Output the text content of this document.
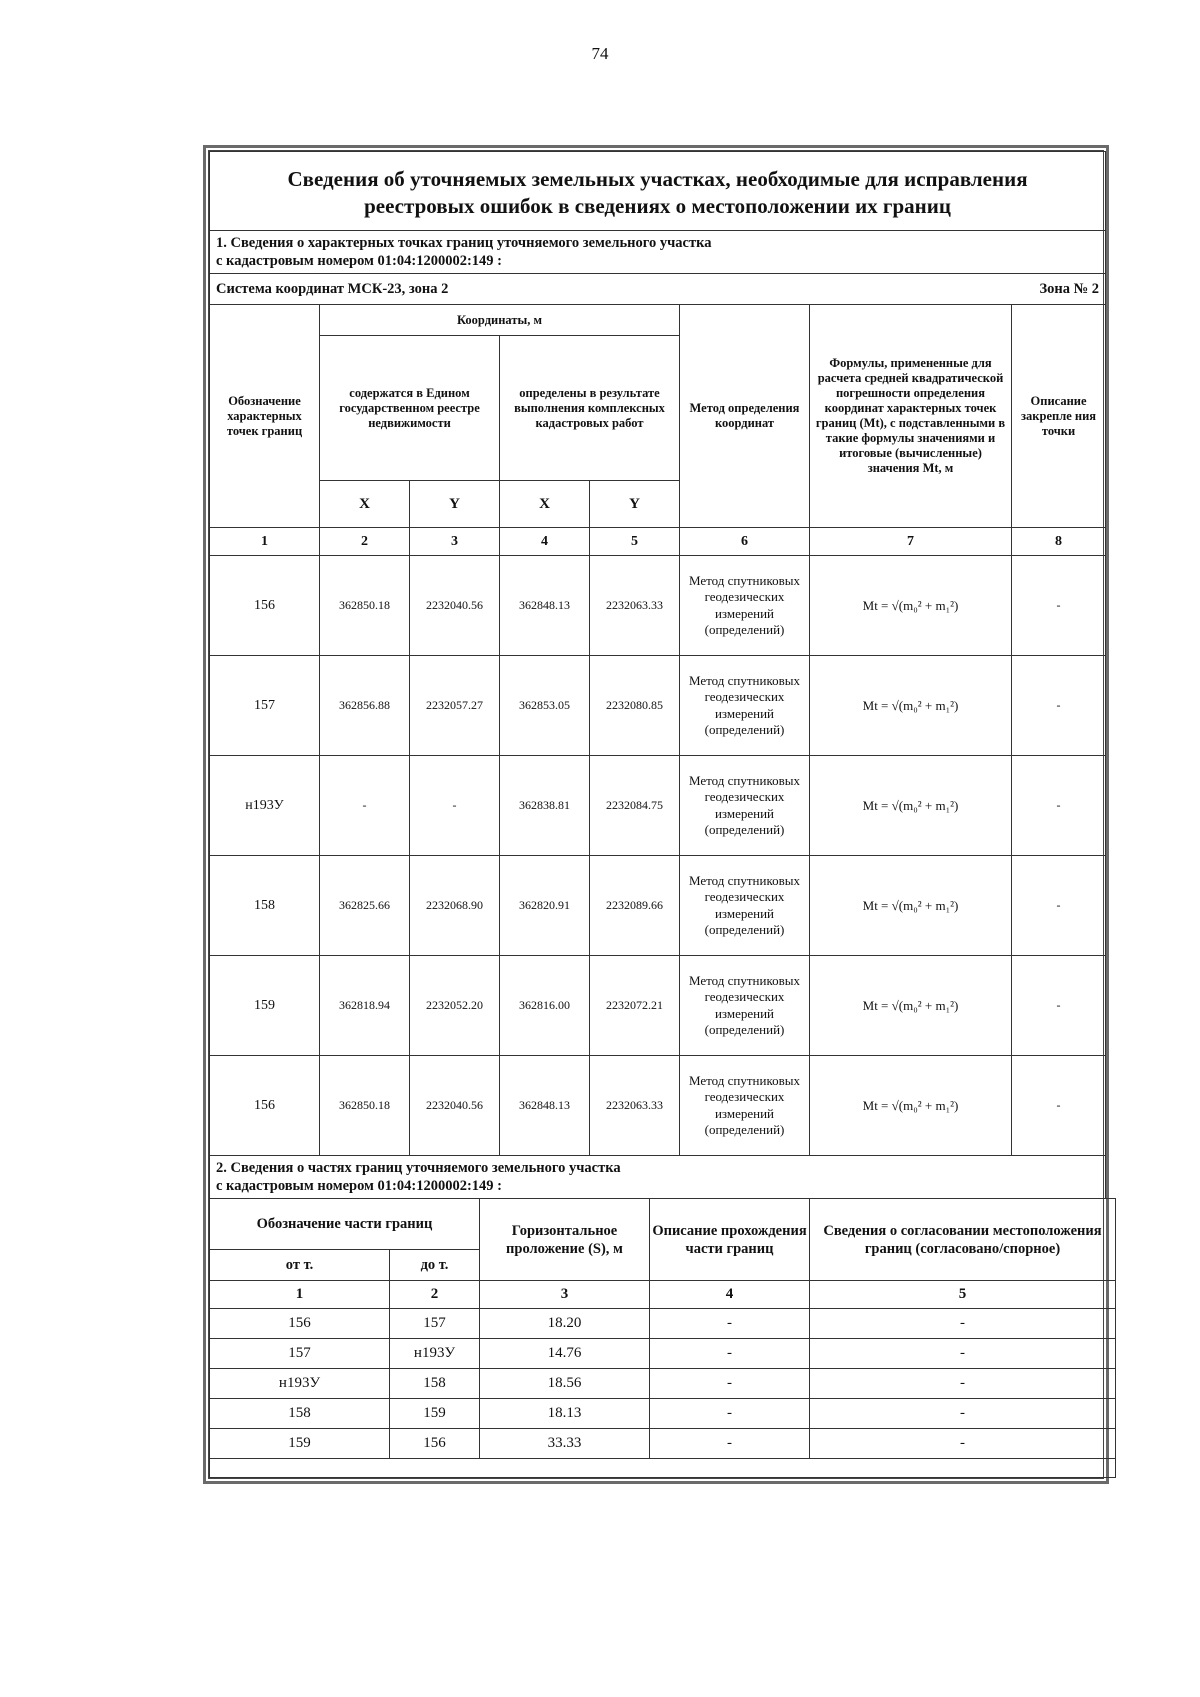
74
Сведения об уточняемых земельных участках, необходимые для исправления
реестровых ошибок в сведениях о местоположении их границ							

1. Сведения о характерных точках границ уточняемого земельного участка
с кадастровым номером 01:04:1200002:149 :							

Система координат МСК-23, зона 2						Зона № 2	
Обозначение характерных точек границ	Координаты, м				Метод определения координат	Формулы, примененные для расчета средней квадратической погрешности определения координат характерных точек границ (Mt), с подставленными в такие формулы значениями и итоговые (вычисленные) значения Mt, м	Описание закрепле ния точки
	содержатся в Едином государственном реестре недвижимости		определены в результате выполнения комплексных кадастровых работ				
	X	Y	X	Y			
1	2	3	4	5	6	7	8
156	362850.18	2232040.56	362848.13	2232063.33	Метод спутниковых геодезических измерений (определений)	Mt = √(m₀² + m₁²)	-
157	362856.88	2232057.27	362853.05	2232080.85	Метод спутниковых геодезических измерений (определений)	Mt = √(m₀² + m₁²)	-
н193У	-	-	362838.81	2232084.75	Метод спутниковых геодезических измерений (определений)	Mt = √(m₀² + m₁²)	-
158	362825.66	2232068.90	362820.91	2232089.66	Метод спутниковых геодезических измерений (определений)	Mt = √(m₀² + m₁²)	-
159	362818.94	2232052.20	362816.00	2232072.21	Метод спутниковых геодезических измерений (определений)	Mt = √(m₀² + m₁²)	-
156	362850.18	2232040.56	362848.13	2232063.33	Метод спутниковых геодезических измерений (определений)	Mt = √(m₀² + m₁²)	-

2. Сведения о частях границ уточняемого земельного участка
с кадастровым номером 01:04:1200002:149 :							
Обозначение части границ		Горизонтальное проложение (S), м	Описание прохождения части границ	Сведения о согласовании местоположения границ (согласовано/спорное)
от т.	до т.			
1	2	3	4	5
156	157	18.20	-	-
157	н193У	14.76	-	-
н193У	158	18.56	-	-
158	159	18.13	-	-
159	156	33.33	-	-
